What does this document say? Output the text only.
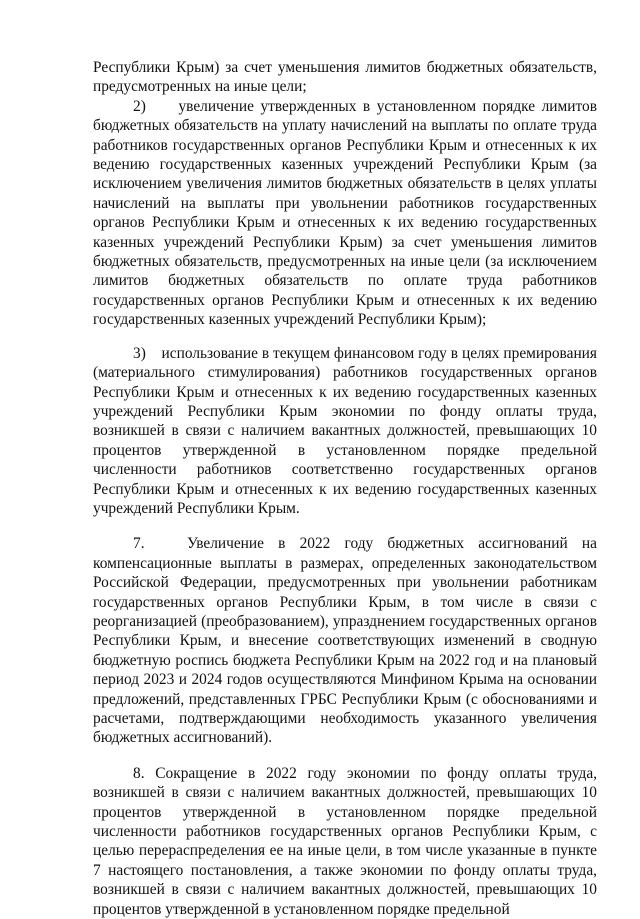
Республики Крым) за счет уменьшения лимитов бюджетных обязательств, предусмотренных на иные цели;

2)     увеличение утвержденных в установленном порядке лимитов бюджетных обязательств на уплату начислений на выплаты по оплате труда работников государственных органов Республики Крым и отнесенных к их ведению государственных казенных учреждений Республики Крым (за исключением увеличения лимитов бюджетных обязательств в целях уплаты начислений на выплаты при увольнении работников государственных органов Республики Крым и отнесенных к их ведению государственных казенных учреждений Республики Крым) за счет уменьшения лимитов бюджетных обязательств, предусмотренных на иные цели (за исключением лимитов бюджетных обязательств по оплате труда работников государственных органов Республики Крым и отнесенных к их ведению государственных казенных учреждений Республики Крым);

3)    использование в текущем финансовом году в целях премирования (материального стимулирования) работников государственных органов Республики Крым и отнесенных к их ведению государственных казенных учреждений Республики Крым экономии по фонду оплаты труда, возникшей в связи с наличием вакантных должностей, превышающих 10 процентов утвержденной в установленном порядке предельной численности работников соответственно государственных органов Республики Крым и отнесенных к их ведению государственных казенных учреждений Республики Крым.

7.   Увеличение в 2022 году бюджетных ассигнований на компенсационные выплаты в размерах, определенных законодательством Российской Федерации, предусмотренных при увольнении работникам государственных органов Республики Крым, в том числе в связи с реорганизацией (преобразованием), упразднением государственных органов Республики Крым, и внесение соответствующих изменений в сводную бюджетную роспись бюджета Республики Крым на 2022 год и на плановый период 2023 и 2024 годов осуществляются Минфином Крыма на основании предложений, представленных ГРБС Республики Крым (с обоснованиями и расчетами, подтверждающими необходимость указанного увеличения бюджетных ассигнований).

8. Сокращение в 2022 году экономии по фонду оплаты труда, возникшей в связи с наличием вакантных должностей, превышающих 10 процентов утвержденной в установленном порядке предельной численности работников государственных органов Республики Крым, с целью перераспределения ее на иные цели, в том числе указанные в пункте 7 настоящего постановления, а также экономии по фонду оплаты труда, возникшей в связи с наличием вакантных должностей, превышающих 10 процентов утвержденной в установленном порядке предельной
